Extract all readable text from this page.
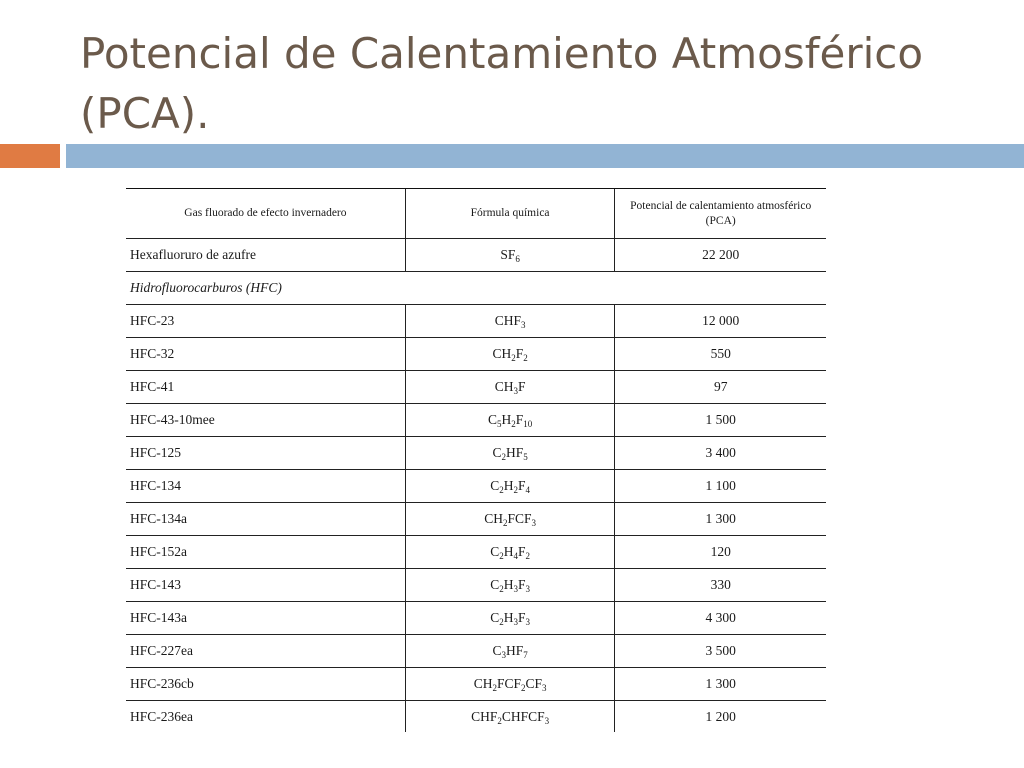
Potencial de Calentamiento Atmosférico (PCA).
Gas fluorado de efecto invernadero	Fórmula química	Potencial de calentamiento atmosférico (PCA)
Hexafluoruro de azufre	$SF_6$	22 200
Hidrofluorocarburos (HFC)		
HFC-23	$CHF_3$	12 000
HFC-32	$CH_2F_2$	550
HFC-41	$CH_3F$	97
HFC-43-10mee	$C_5H_2F_{10}$	1 500
HFC-125	$C_2HF_5$	3 400
HFC-134	$C_2H_2F_4$	1 100
HFC-134a	$CH_2FCF_3$	1 300
HFC-152a	$C_2H_4F_2$	120
HFC-143	$C_2H_3F_3$	330
HFC-143a	$C_2H_3F_3$	4 300
HFC-227ea	$C_3HF_7$	3 500
HFC-236cb	$CH_2FCF_2CF_3$	1 300
HFC-236ea	$CHF_2CHFCF_3$	1 200
